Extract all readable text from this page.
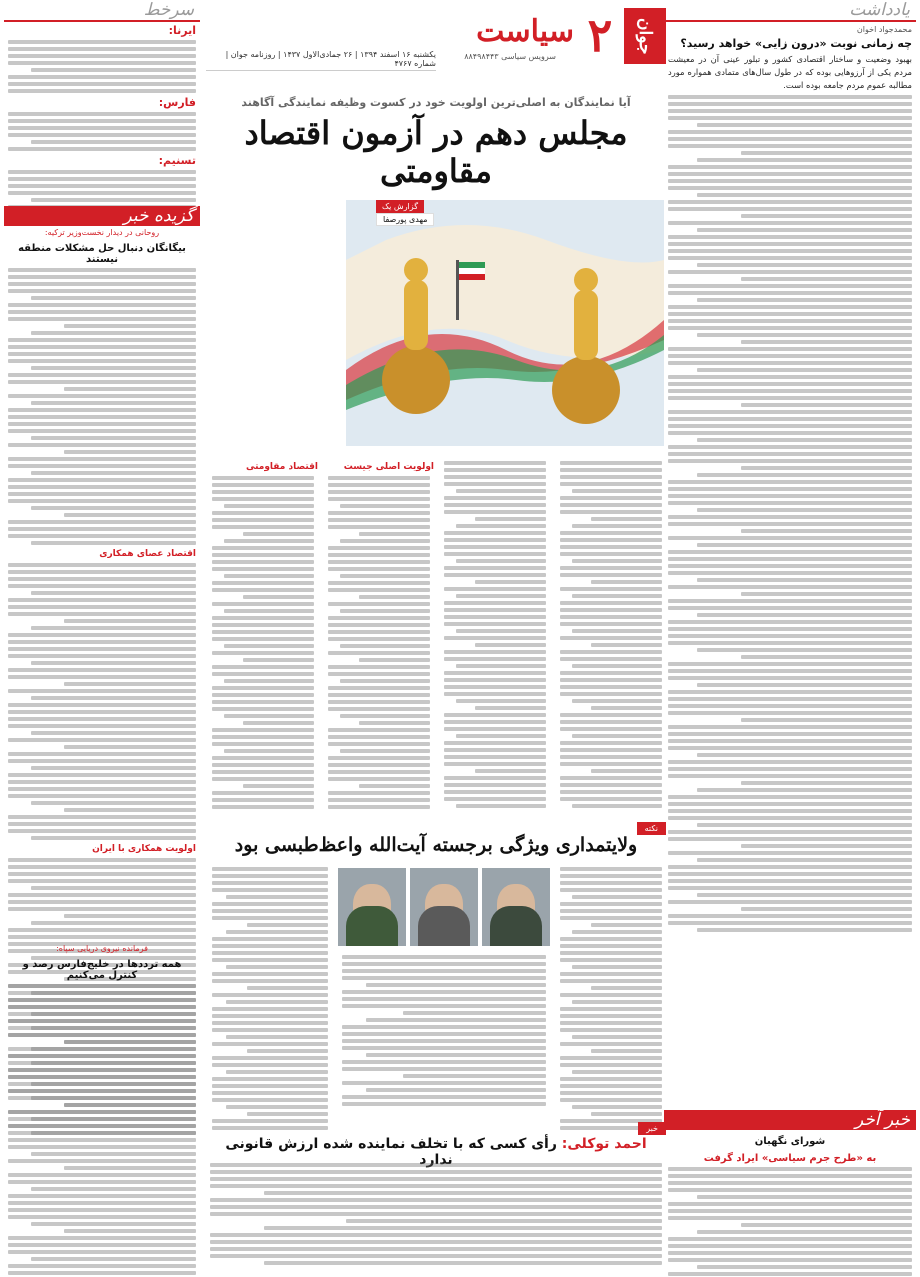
یادداشت
محمدجواد اخوان
چه زمانی نوبت «درون زایی» خواهد رسید؟
بهبود وضعیت و ساختار اقتصادی کشور و تبلور عینی آن در معیشت مردم یکی از آرزوهایی بوده که در طول سال‌های متمادی همواره مورد مطالبه عموم مردم جامعه بوده است.
خبر آخر
شورای نگهبان
به «طرح جرم سیاسی» ایراد گرفت
جوان
۲
سیاست
سرویس سیاسی ۸۸۴۹۸۴۴۳
یکشنبه ۱۶ اسفند ۱۳۹۴ | ۲۶ جمادی‌الاول ۱۴۳۷ | روزنامه جوان | شماره ۴۷۶۷
آیا نمایندگان به اصلی‌ترین اولویت خود در کسوت وظیفه نمایندگی آگاهند
مجلس دهم در آزمون اقتصاد مقاومتی
گزارش یک
مهدی پورصفا
اولویت اصلی جیست
اقتصاد مقاومتی
نکته
ولایتمداری ویژگی برجسته آیت‌الله واعظ‌طبسی بود
خبر
احمد توکلی: رأی کسی که با تخلف نماینده شده ارزش قانونی ندارد
سرخط
ایرنا:
فارس:
تسنیم:
گزیده خبر
روحانی در دیدار نخست‌وزیر ترکیه:
بیگانگان دنبال حل مشکلات منطقه نیستند
اقتصاد عصای همکاری
اولویت همکاری با ایران
فرمانده نیروی دریایی سپاه:
همه تردد‌ها در خلیج‌فارس رصد و کنترل می‌کنیم
